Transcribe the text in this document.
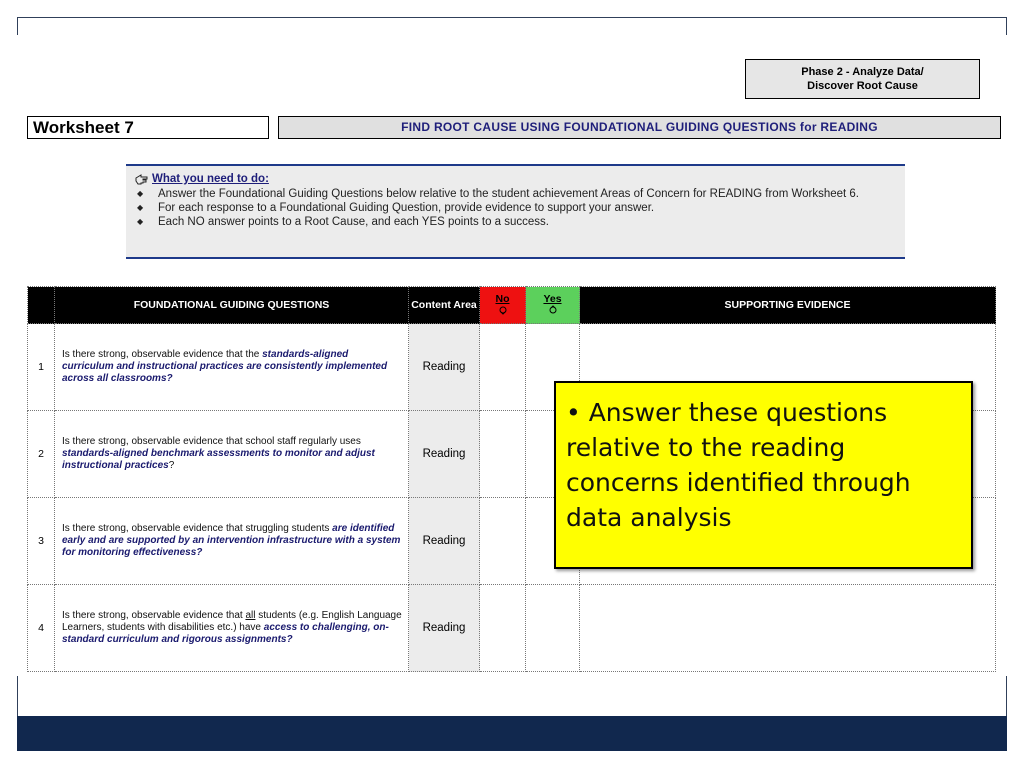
Phase 2 - Analyze Data/
Discover Root Cause
Worksheet 7	FIND ROOT CAUSE USING FOUNDATIONAL GUIDING QUESTIONS for READING
What you need to do:
◆ Answer the Foundational Guiding Questions below relative to the student achievement Areas of Concern for READING from Worksheet 6.
◆ For each response to a Foundational Guiding Question, provide evidence to support your answer.
◆ Each NO answer points to a Root Cause, and each YES points to a success.
	FOUNDATIONAL GUIDING QUESTIONS	Content Area	No	Yes	SUPPORTING EVIDENCE
1	Is there strong, observable evidence that the standards-aligned curriculum and instructional practices are consistently implemented across all classrooms?	Reading			
2	Is there strong, observable evidence that school staff regularly uses standards-aligned benchmark assessments to monitor and adjust instructional practices?	Reading			
3	Is there strong, observable evidence that struggling students are identified early and are supported by an intervention infrastructure with a system for monitoring effectiveness?	Reading			
4	Is there strong, observable evidence that all students (e.g. English Language Learners, students with disabilities etc.) have access to challenging, on-standard curriculum and rigorous assignments?	Reading			
• Answer these questions relative to the reading concerns identified through data analysis
